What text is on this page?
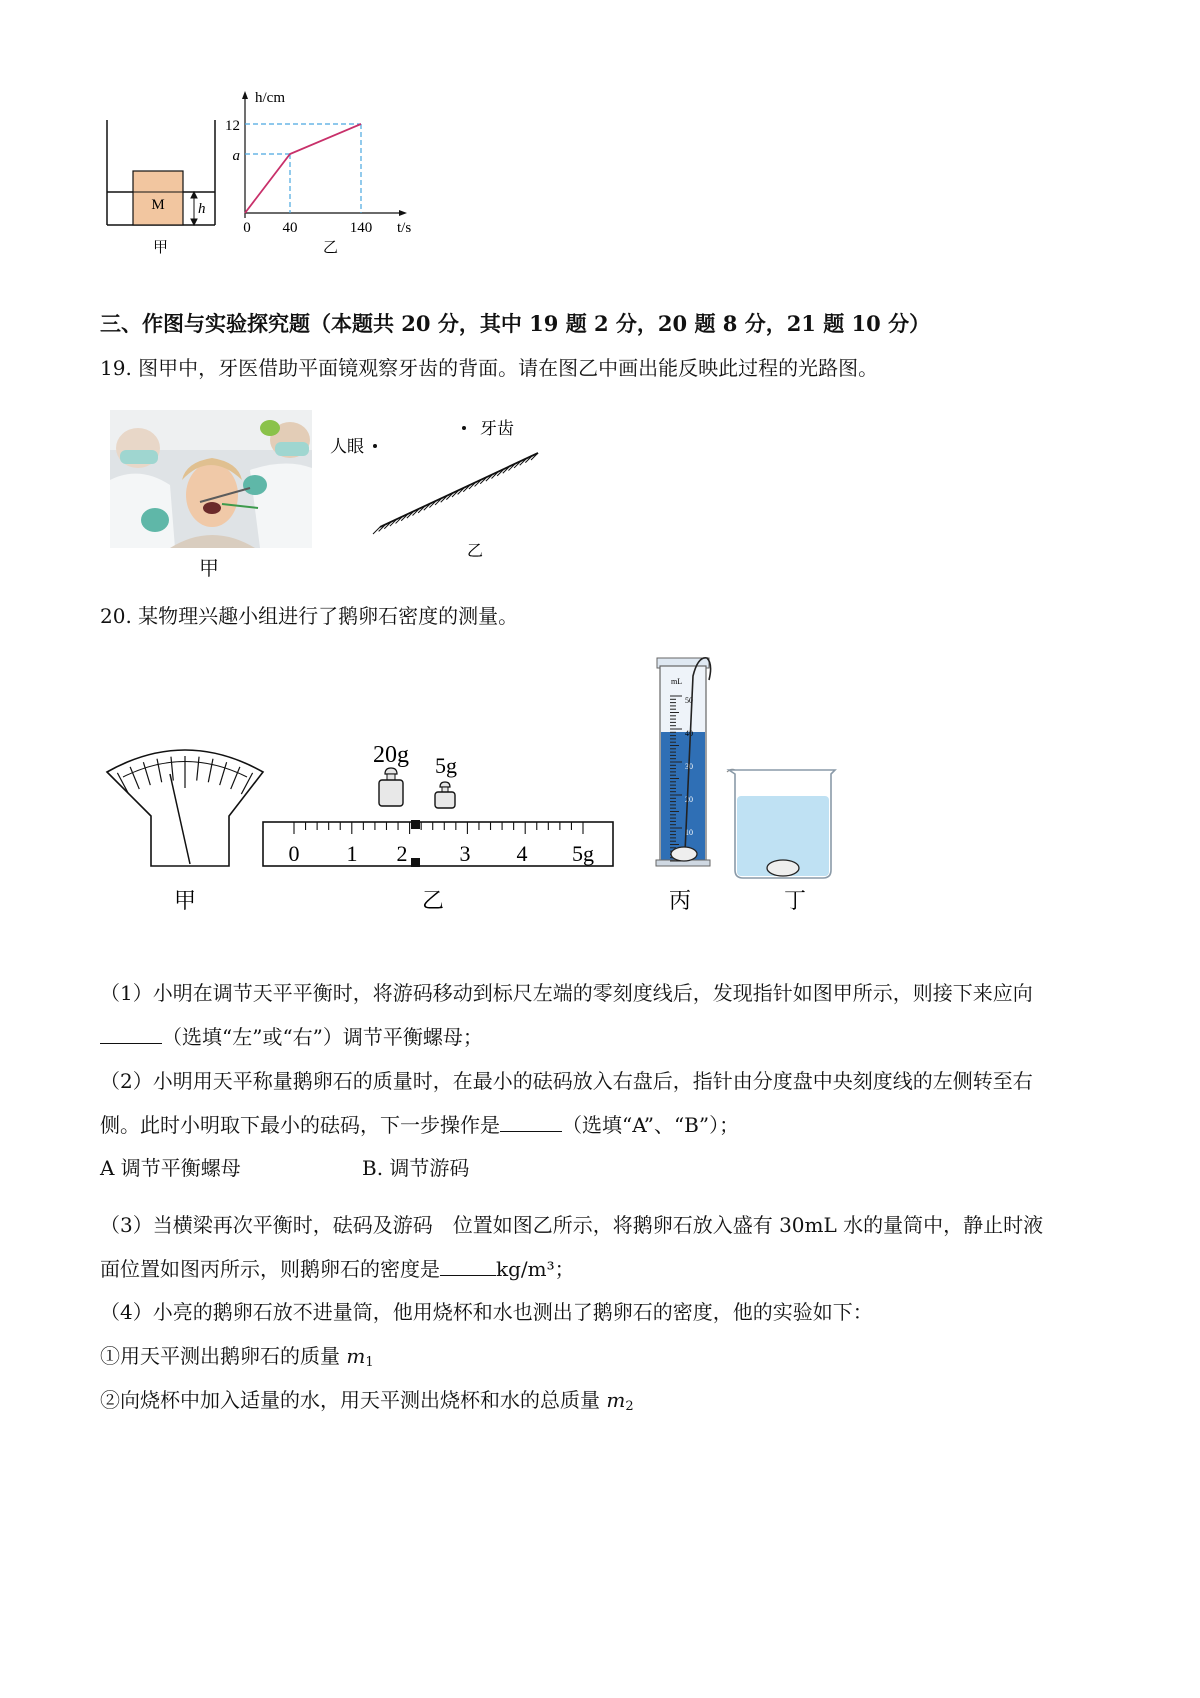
M h
甲
h/cm
12
a
0 40	140 t/s
乙
三、作图与实验探究题（本题共 20 分，其中 19 题 2 分，20 题 8 分，21 题 10 分）
19. 图甲中，牙医借助平面镜观察牙齿的背面。请在图乙中画出能反映此过程的光路图。
甲
人眼
牙齿
乙
20. 某物理兴趣小组进行了鹅卵石密度的测量。
甲
20g 5g
0 1 2 3 4 5g
乙
mL
50
40
30
20
10
丙	丁
（1）小明在调节天平平衡时，将游码移动到标尺左端的零刻度线后，发现指针如图甲所示，则接下来应向
（选填“左”或“右”）调节平衡螺母；
（2）小明用天平称量鹅卵石的质量时，在最小的砝码放入右盘后，指针由分度盘中央刻度线的左侧转至右
侧。此时小明取下最小的砝码，下一步操作是	（选填“A”、“B”）；
A 调节平衡螺母	B. 调节游码
（3）当横梁再次平衡时，砝码及游码　位置如图乙所示，将鹅卵石放入盛有 30mL 水的量筒中，静止时液
面位置如图丙所示，则鹅卵石的密度是	kg/m³；
（4）小亮的鹅卵石放不进量筒，他用烧杯和水也测出了鹅卵石的密度，他的实验如下：
①用天平测出鹅卵石的质量 $m_1$
②向烧杯中加入适量的水，用天平测出烧杯和水的总质量 $m_2$
